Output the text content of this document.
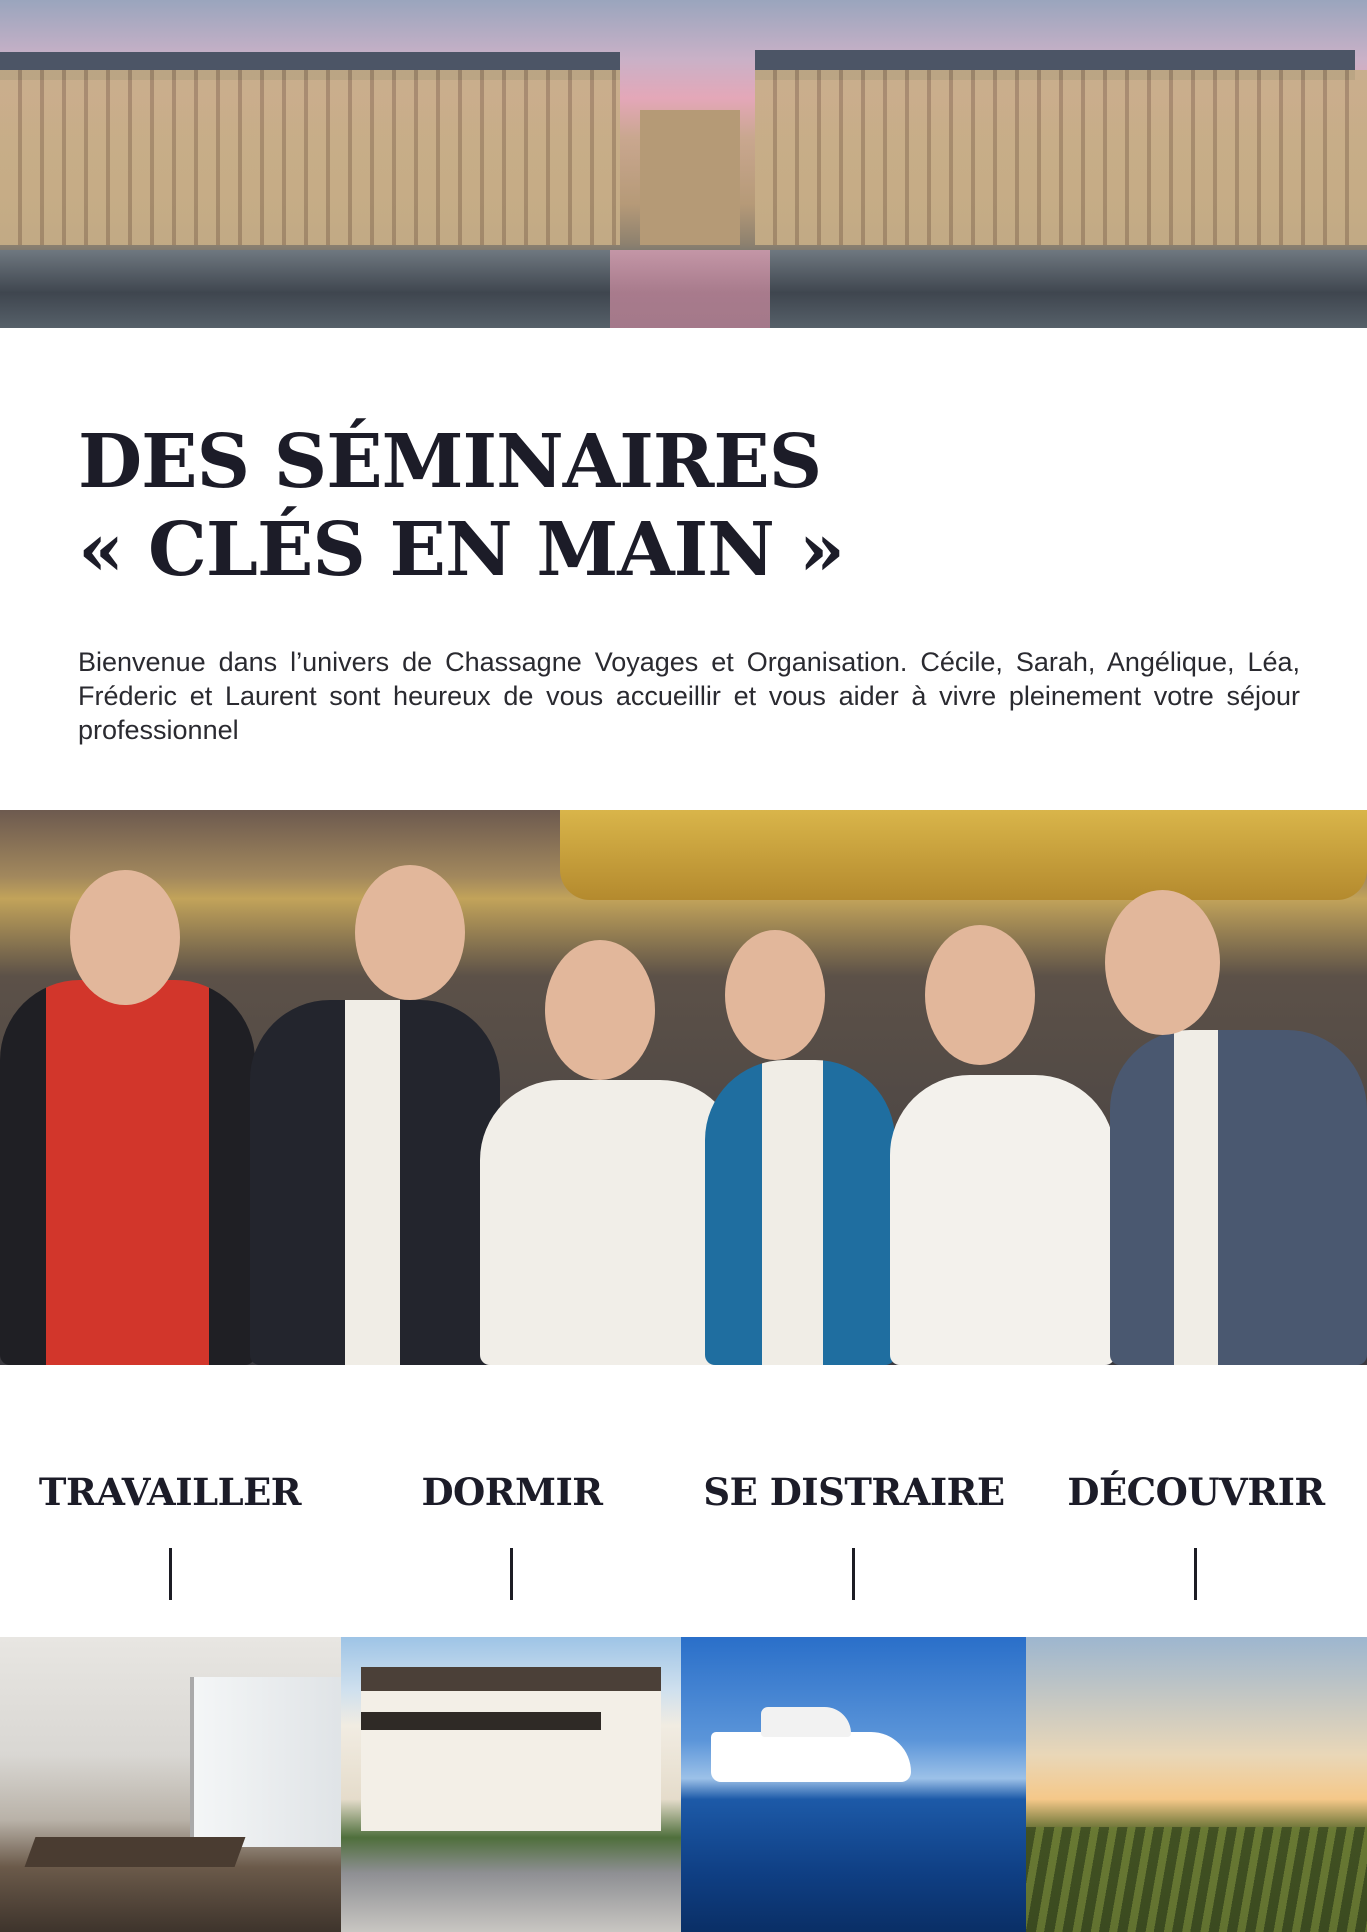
DES SÉMINAIRES
« CLÉS EN MAIN »

Bienvenue dans l’univers de Chassagne Voyages et Organisation. Cécile, Sarah, Angélique, Léa, Fréderic et Laurent sont heureux de vous accueillir et vous aider à vivre pleinement votre séjour professionnel

TRAVAILLER	DORMIR	SE DISTRAIRE	DÉCOUVRIR
